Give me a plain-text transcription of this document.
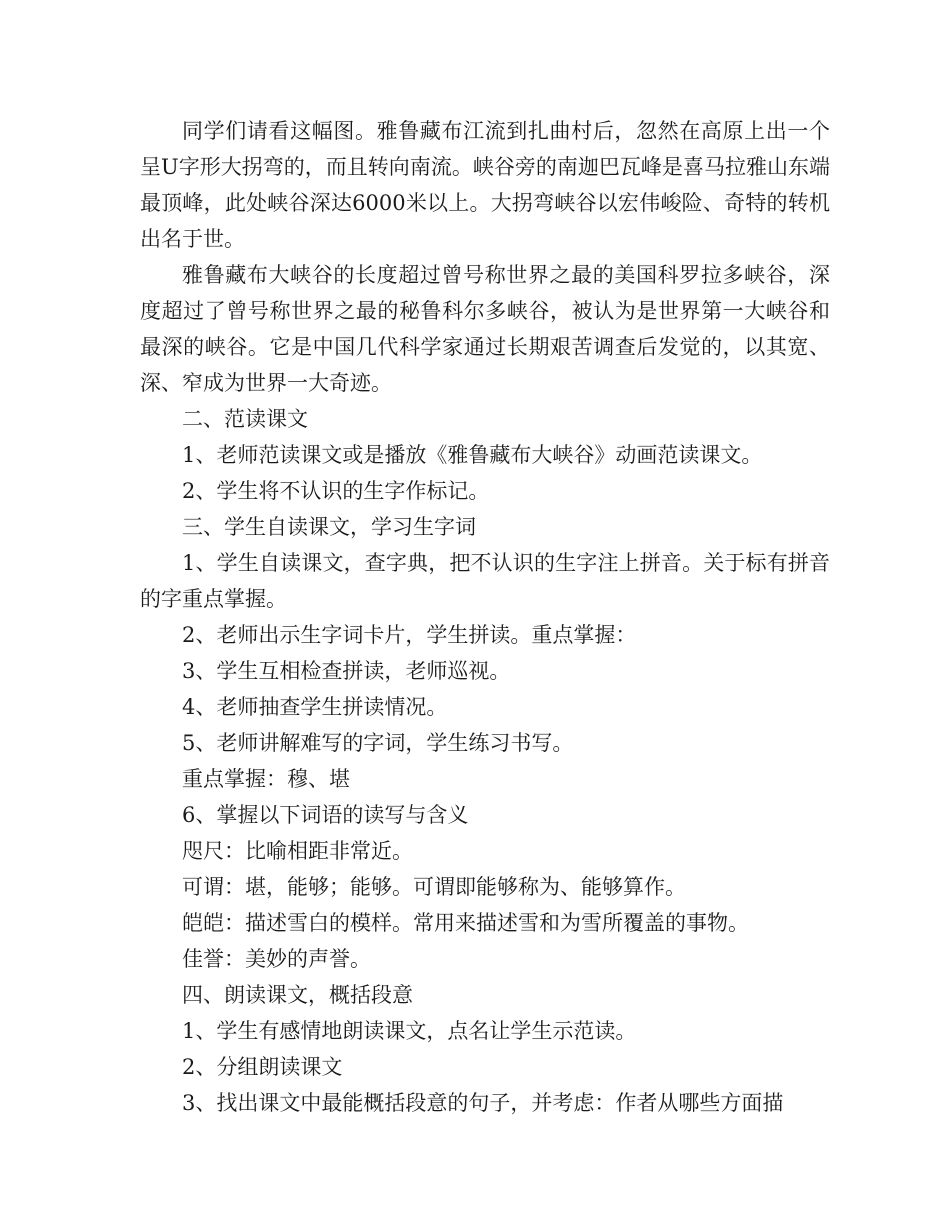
同学们请看这幅图。雅鲁藏布江流到扎曲村后，忽然在高原上出一个呈U字形大拐弯的，而且转向南流。峡谷旁的南迦巴瓦峰是喜马拉雅山东端最顶峰，此处峡谷深达6000米以上。大拐弯峡谷以宏伟峻险、奇特的转机出名于世。

雅鲁藏布大峡谷的长度超过曾号称世界之最的美国科罗拉多峡谷，深度超过了曾号称世界之最的秘鲁科尔多峡谷，被认为是世界第一大峡谷和最深的峡谷。它是中国几代科学家通过长期艰苦调查后发觉的，以其宽、深、窄成为世界一大奇迹。

二、范读课文

1、老师范读课文或是播放《雅鲁藏布大峡谷》动画范读课文。

2、学生将不认识的生字作标记。

三、学生自读课文，学习生字词

1、学生自读课文，查字典，把不认识的生字注上拼音。关于标有拼音的字重点掌握。

2、老师出示生字词卡片，学生拼读。重点掌握：

3、学生互相检查拼读，老师巡视。

4、老师抽查学生拼读情况。

5、老师讲解难写的字词，学生练习书写。

重点掌握：穆、堪

6、掌握以下词语的读写与含义

咫尺：比喻相距非常近。

可谓：堪，能够；能够。可谓即能够称为、能够算作。

皑皑：描述雪白的模样。常用来描述雪和为雪所覆盖的事物。

佳誉：美妙的声誉。

四、朗读课文，概括段意

1、学生有感情地朗读课文，点名让学生示范读。

2、分组朗读课文

3、找出课文中最能概括段意的句子，并考虑：作者从哪些方面描
